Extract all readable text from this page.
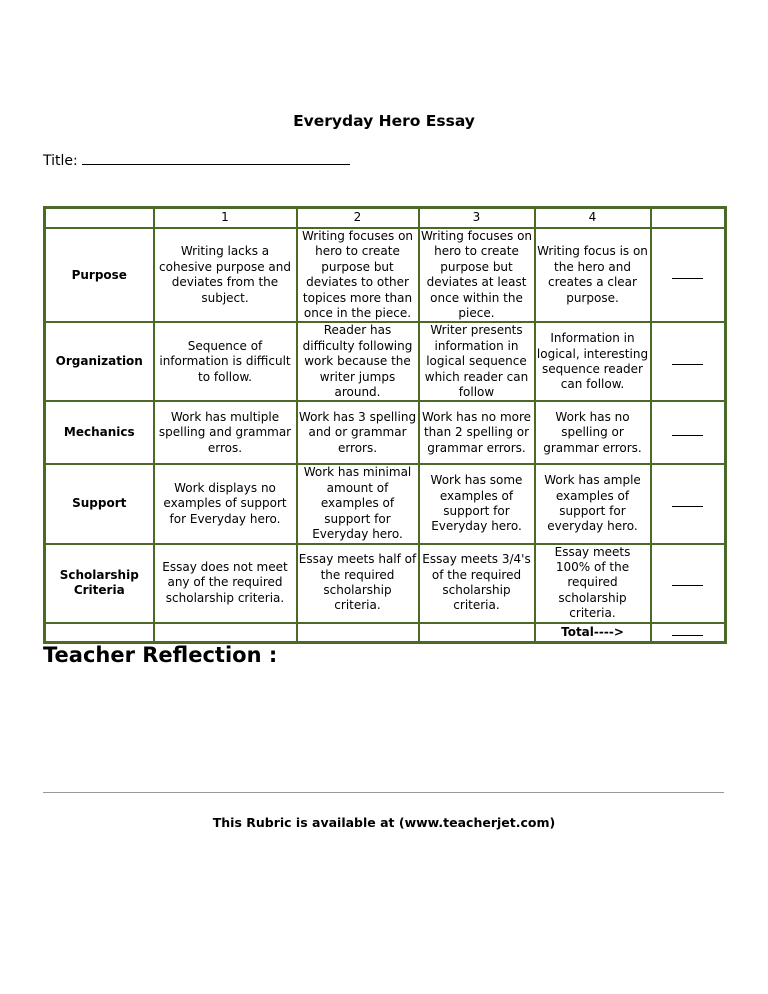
Everyday Hero Essay
Title:
	1	2	3	4	
Purpose	Writing lacks a cohesive purpose and deviates from the subject.	Writing focuses on hero to create purpose but deviates to other topices more than once in the piece.	Writing focuses on hero to create purpose but deviates at least once within the piece.	Writing focus is on the hero and creates a clear purpose.	
Organization	Sequence of information is difficult to follow.	Reader has difficulty following work because the writer jumps around.	Writer presents information in logical sequence which reader can follow	Information in logical, interesting sequence reader can follow.	
Mechanics	Work has multiple spelling and grammar erros.	Work has 3 spelling and or grammar errors.	Work has no more than 2 spelling or grammar errors.	Work has no spelling or grammar errors.	
Support	Work displays no examples of support for Everyday hero.	Work has minimal amount of examples of support for Everyday hero.	Work has some examples of support for Everyday hero.	Work has ample examples of support for everyday hero.	
Scholarship Criteria	Essay does not meet any of the required scholarship criteria.	Essay meets half of the required scholarship criteria.	Essay meets 3/4's of the required scholarship criteria.	Essay meets 100% of the required scholarship criteria.	
				Total---->	
Teacher Reflection :
This Rubric is available at (www.teacherjet.com)
